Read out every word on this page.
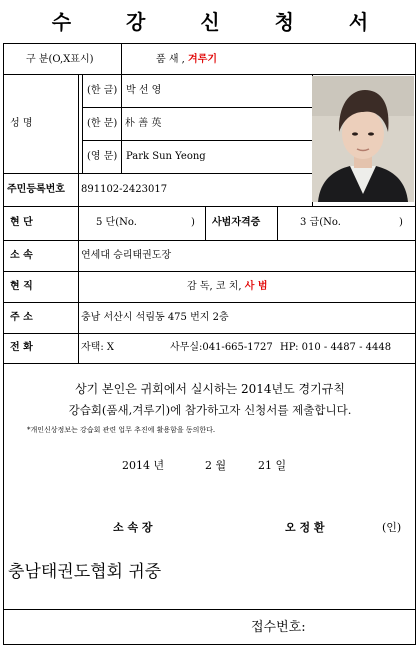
수 강 신 청 서
구 분(O,X표시)	품 새 , 겨루기
성 명
(한 글) 박 선 영
(한 문) 朴 善 英
(영 문) Park Sun Yeong
주민등록번호 891102-2423017
현 단	5 단(No.	) 사범자격증	3 급(No.	)
소 속	연세대 승리태권도장
현 직	감 독, 코 치, 사 범
주 소	충남 서산시 석림동 475 번지 2층
전 화	자택: X	사무실:041-665-1727 HP: 010 - 4487 - 4448
상기 본인은 귀회에서 실시하는 2014년도 경기규칙
강습회(품새,겨루기)에 참가하고자 신청서를 제출합니다.
*개인신상정보는 강습회 관련 업무 추진에 활용함을 동의한다.
2014 년	2 월	21 일
소 속 장	오 정 환	(인)
충남태권도협회 귀중
접수번호:
